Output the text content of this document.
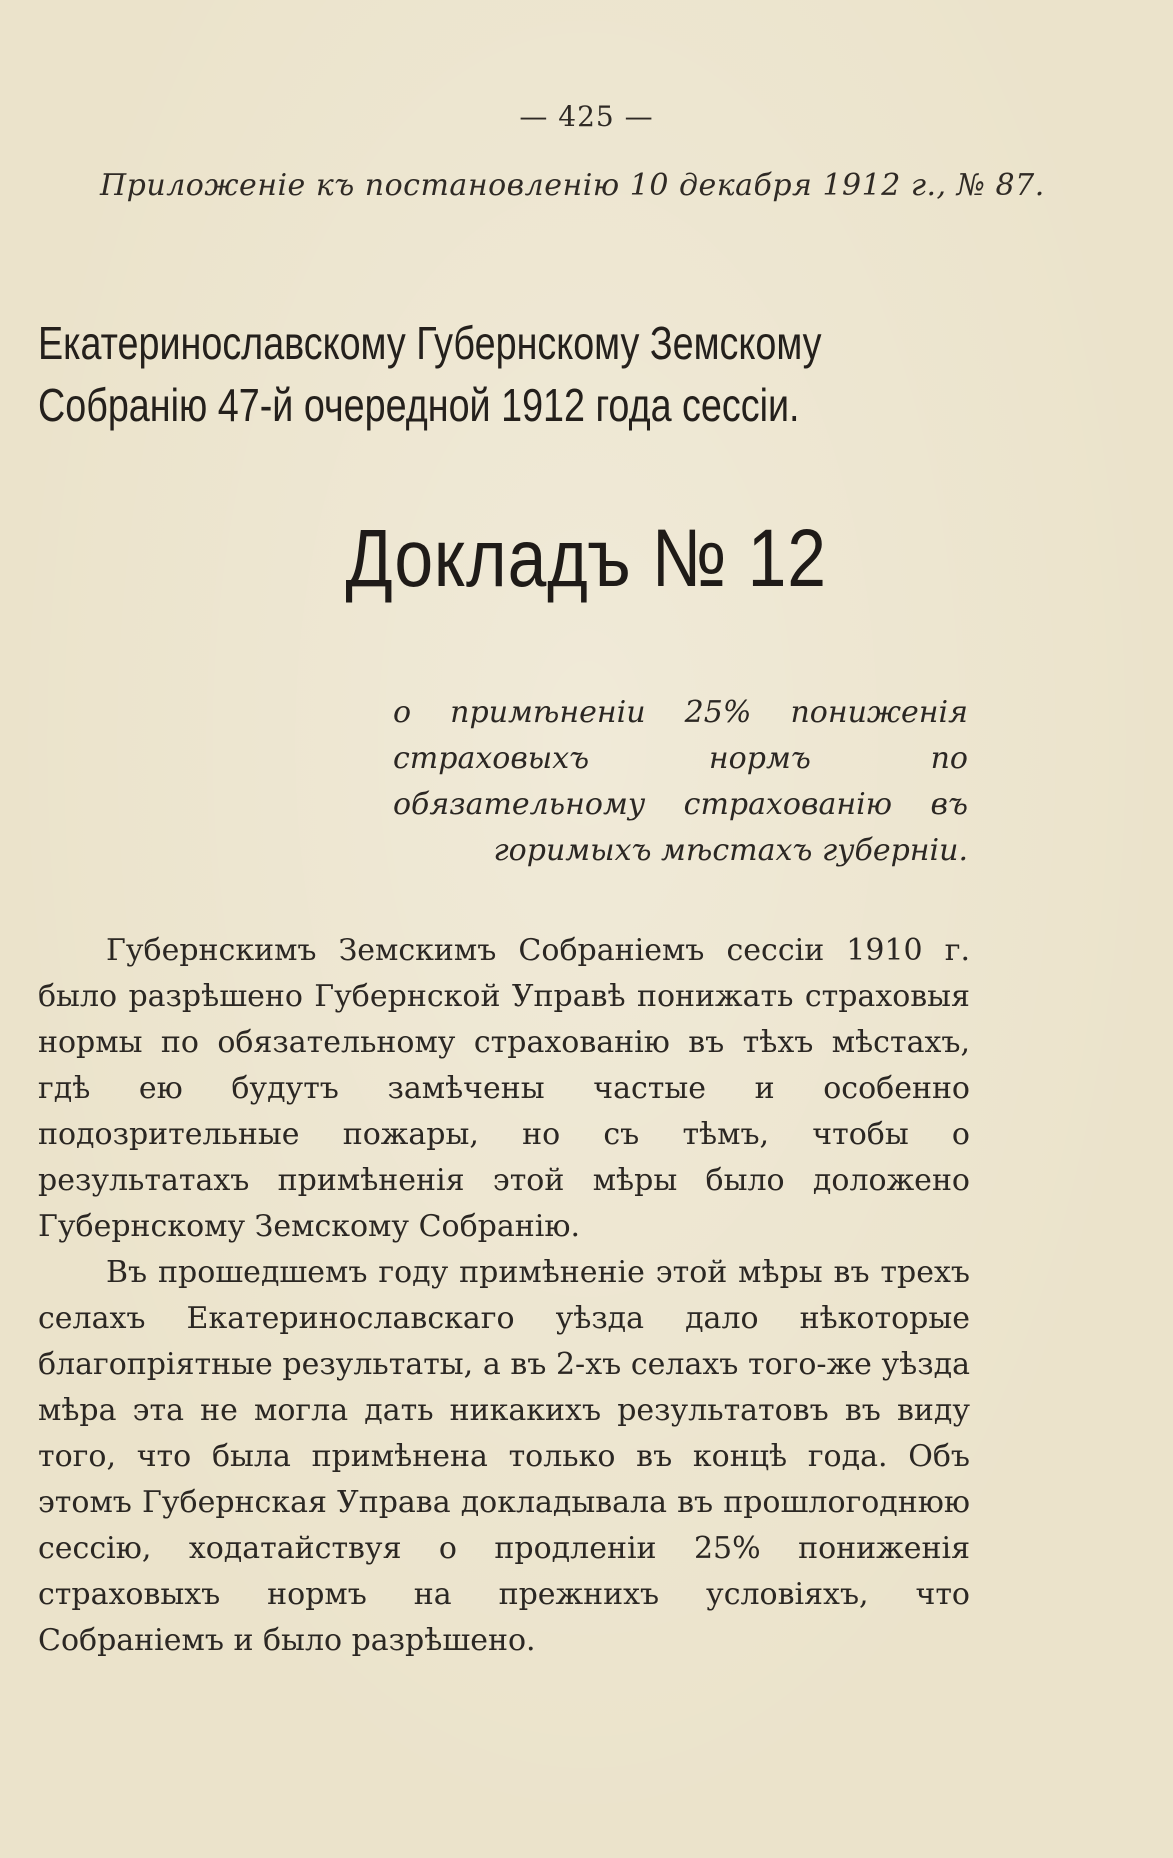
— 425 —
Приложеніе къ постановленію 10 декабря 1912 г., № 87.
Екатеринославскому Губернскому Земскому
Собранію 47-й очередной 1912 года сессіи.
Докладъ № 12
о примѣненіи 25% пониженія страховыхъ нормъ по обязательному страхованію въ горимыхъ мѣстахъ губерніи.

Губернскимъ Земскимъ Собраніемъ сессіи 1910 г. было разрѣшено Губернской Управѣ понижать страховыя нормы по обязательному страхованію въ тѣхъ мѣстахъ, гдѣ ею будутъ замѣчены частые и особенно подозрительные пожары, но съ тѣмъ, чтобы о результатахъ примѣненія этой мѣры было доложено Губернскому Земскому Собранію.

Въ прошедшемъ году примѣненіе этой мѣры въ трехъ селахъ Екатеринославскаго уѣзда дало нѣкоторые благопріятные результаты, а въ 2-хъ селахъ того-же уѣзда мѣра эта не могла дать никакихъ результатовъ въ виду того, что была примѣнена только въ концѣ года. Объ этомъ Губернская Управа докладывала въ прошлогоднюю сессію, ходатайствуя о продленіи 25% пониженія страховыхъ нормъ на прежнихъ условіяхъ, что Собраніемъ и было разрѣшено.
